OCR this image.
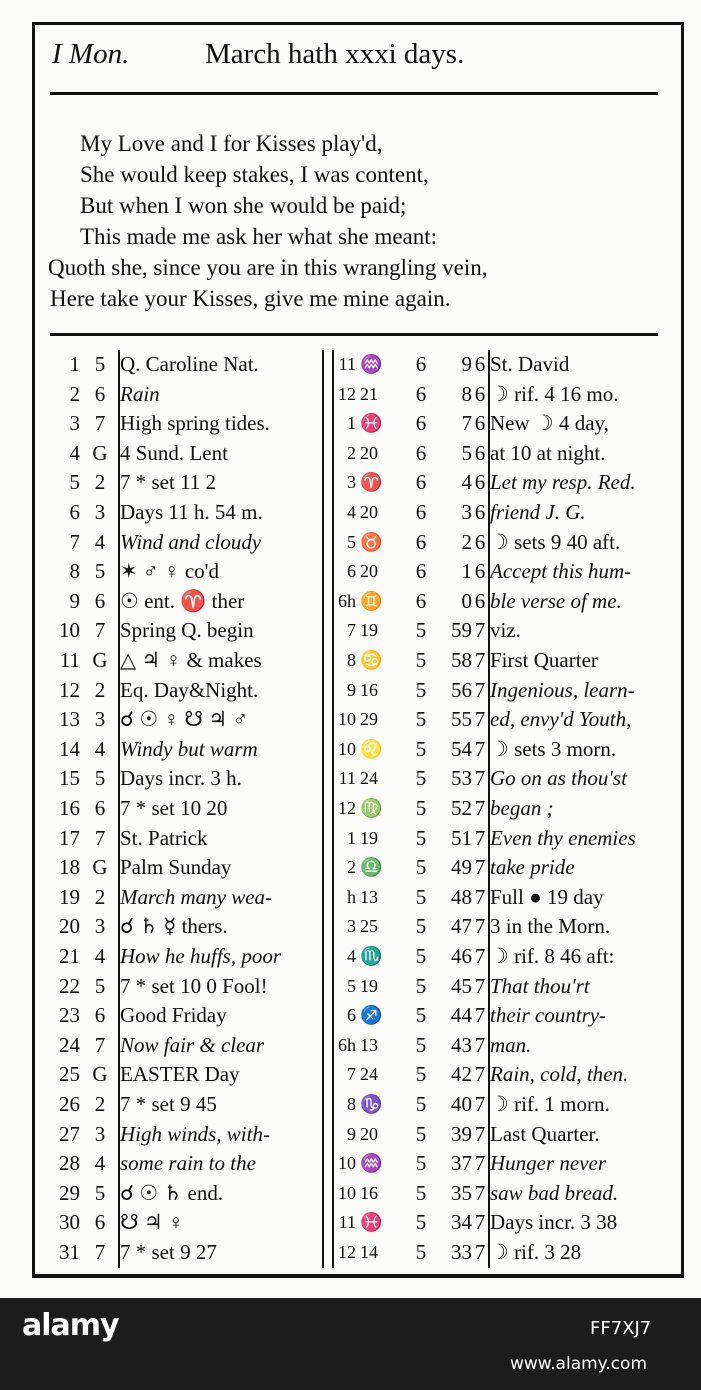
I Mon.	March hath xxxi days.
My Love and I for Kisses play'd,
She would keep stakes, I was content,
But when I won she would be paid;
This made me ask her what she meant:
Quoth she, since you are in this wrangling vein,
Here take your Kisses, give me mine again.
1 5 Q. Caroline Nat.	11 ♒	6	9 6 St. David
2 6 Rain	12 21	6	8 6 ☽ rif. 4 16 mo.
3 7 High spring tides.	1 ♓	6	7 6 New ☽ 4 day,
4 G 4 Sund. Lent	2 20	6	5 6 at 10 at night.
5 2 7 * set 11 2	3 ♈	6	4 6 Let my resp. Red.
6 3 Days 11 h. 54 m.	4 20	6	3 6 friend J. G.
7 4 Wind and cloudy	5 ♉	6	2 6 ☽ sets 9 40 aft.
8 5 ✶ ♂ ♀ co'd	6 20	6	1 6 Accept this hum-
9 6 ☉ ent. ♈ ther	6h ♊	6	0 6 ble verse of me.
10 7 Spring Q. begin	7 19	5	59 7 viz.
11 G △ ♃ ♀ & makes	8 ♋	5	58 7 First Quarter
12 2 Eq. Day&Night.	9 16	5	56 7 Ingenious, learn-
13 3 ☌ ☉ ♀ ☋ ♃ ♂	10 29	5	55 7 ed, envy'd Youth,
14 4 Windy but warm	10 ♌	5	54 7 ☽ sets 3 morn.
15 5 Days incr. 3 h.	11 24	5	53 7 Go on as thou'st
16 6 7 * set 10 20	12 ♍	5	52 7 began ;
17 7 St. Patrick	1 19	5	51 7 Even thy enemies
18 G Palm Sunday	2 ♎	5	49 7 take pride
19 2 March many wea-	h 13	5	48 7 Full ● 19 day
20 3 ☌ ♄ ☿ thers.	3 25	5	47 7 3 in the Morn.
21 4 How he huffs, poor	4 ♏	5	46 7 ☽ rif. 8 46 aft:
22 5 7 * set 10 0 Fool!	5 19	5	45 7 That thou'rt
23 6 Good Friday	6 ♐	5	44 7 their country-
24 7 Now fair & clear	6h 13	5	43 7 man.
25 G EASTER Day	7 24	5	42 7 Rain, cold, then.
26 2 7 * set 9 45	8 ♑	5	40 7 ☽ rif. 1 morn.
27 3 High winds, with-	9 20	5	39 7 Last Quarter.
28 4 some rain to the	10 ♒	5	37 7 Hunger never
29 5 ☌ ☉ ♄ end.	10 16	5	35 7 saw bad bread.
30 6 ☋ ♃ ♀	11 ♓	5	34 7 Days incr. 3 38
31 7 7 * set 9 27	12 14	5	33 7 ☽ rif. 3 28
alamy	FF7XJ7
www.alamy.com
